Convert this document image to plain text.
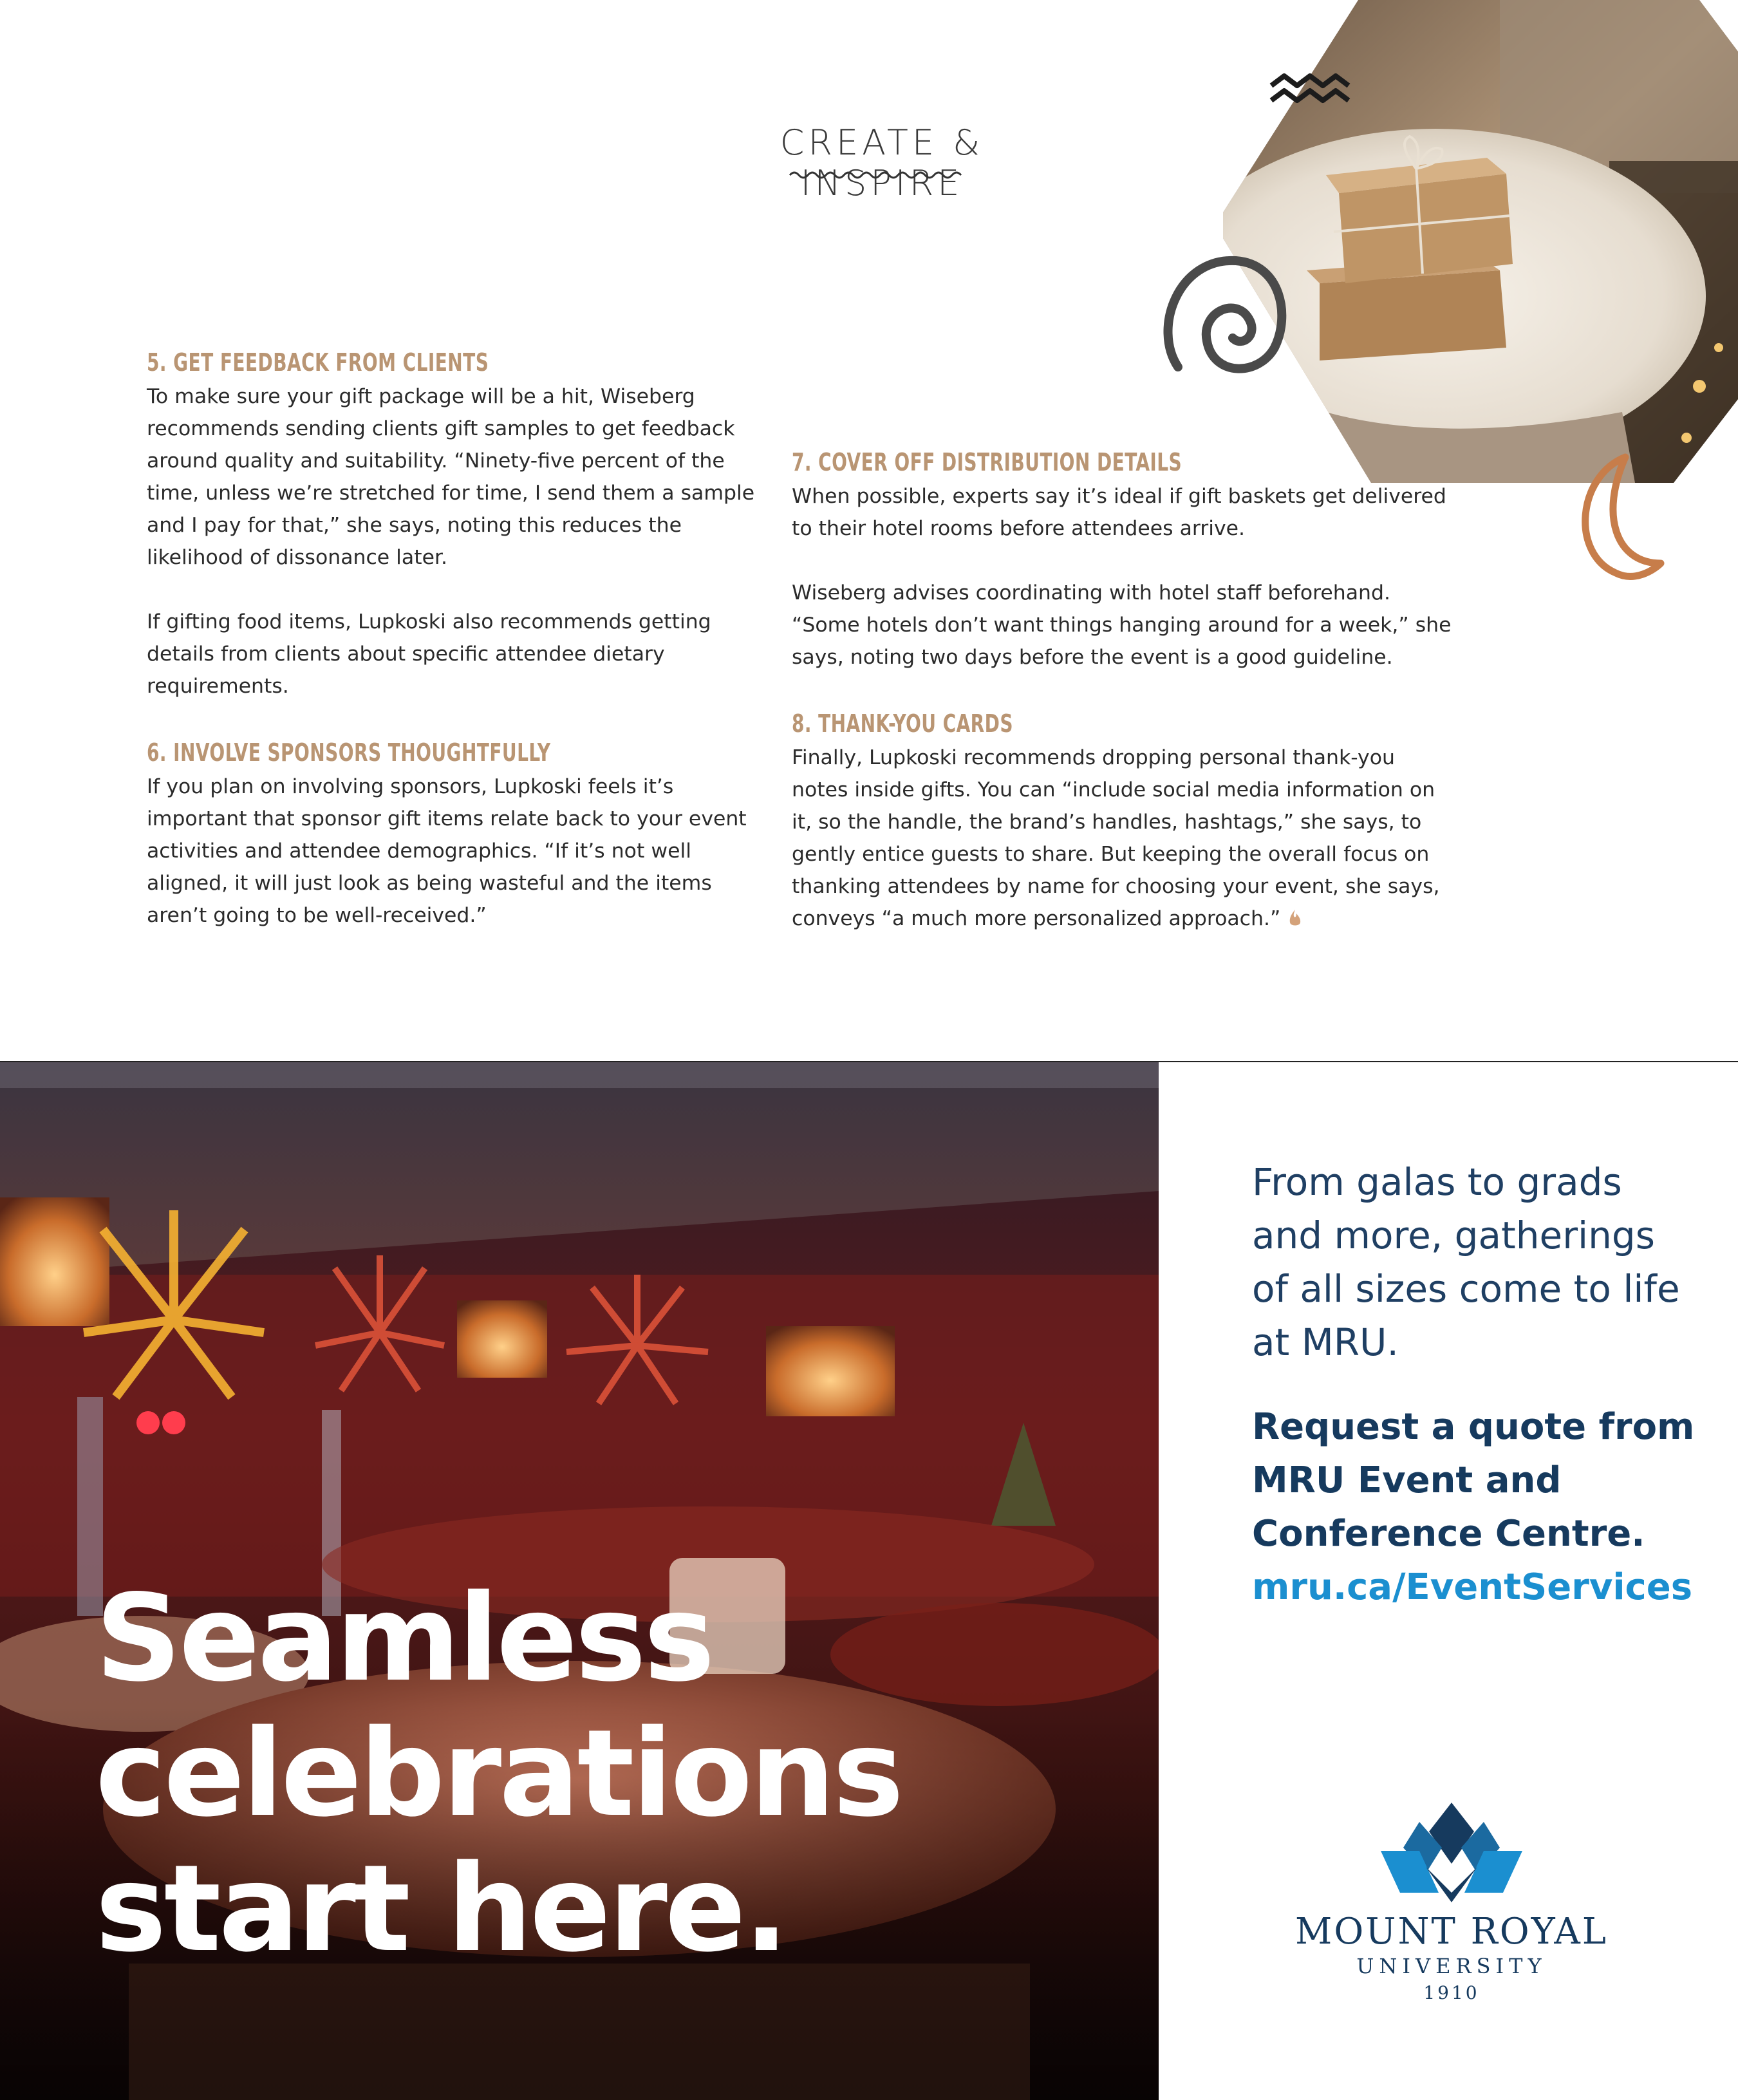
CREATE & INSPIRE
5. GET FEEDBACK FROM CLIENTS

To make sure your gift package will be a hit, Wiseberg recommends sending clients gift samples to get feedback around quality and suitability. “Ninety-five percent of the time, unless we’re stretched for time, I send them a sample and I pay for that,” she says, noting this reduces the likelihood of dissonance later.

If gifting food items, Lupkoski also recommends getting details from clients about specific attendee dietary requirements.

6. INVOLVE SPONSORS THOUGHTFULLY

If you plan on involving sponsors, Lupkoski feels it’s important that sponsor gift items relate back to your event activities and attendee demographics. “If it’s not well aligned, it will just look as being wasteful and the items aren’t going to be well-received.”

7. COVER OFF DISTRIBUTION DETAILS

When possible, experts say it’s ideal if gift baskets get delivered to their hotel rooms before attendees arrive.

Wiseberg advises coordinating with hotel staff beforehand. “Some hotels don’t want things hanging around for a week,” she says, noting two days before the event is a good guideline.

8. THANK-YOU CARDS

Finally, Lupkoski recommends dropping personal thank-you notes inside gifts. You can “include social media information on it, so the handle, the brand’s handles, hashtags,” she says, to gently entice guests to share. But keeping the overall focus on thanking attendees by name for choosing your event, she says, conveys “a much more personalized approach.”

Seamless
celebrations
start here.
From galas to grads and more, gatherings of all sizes come to life at MRU.
Request a quote from MRU Event and Conference Centre.
mru.ca/EventServices
MOUNT ROYAL
UNIVERSITY
1910
